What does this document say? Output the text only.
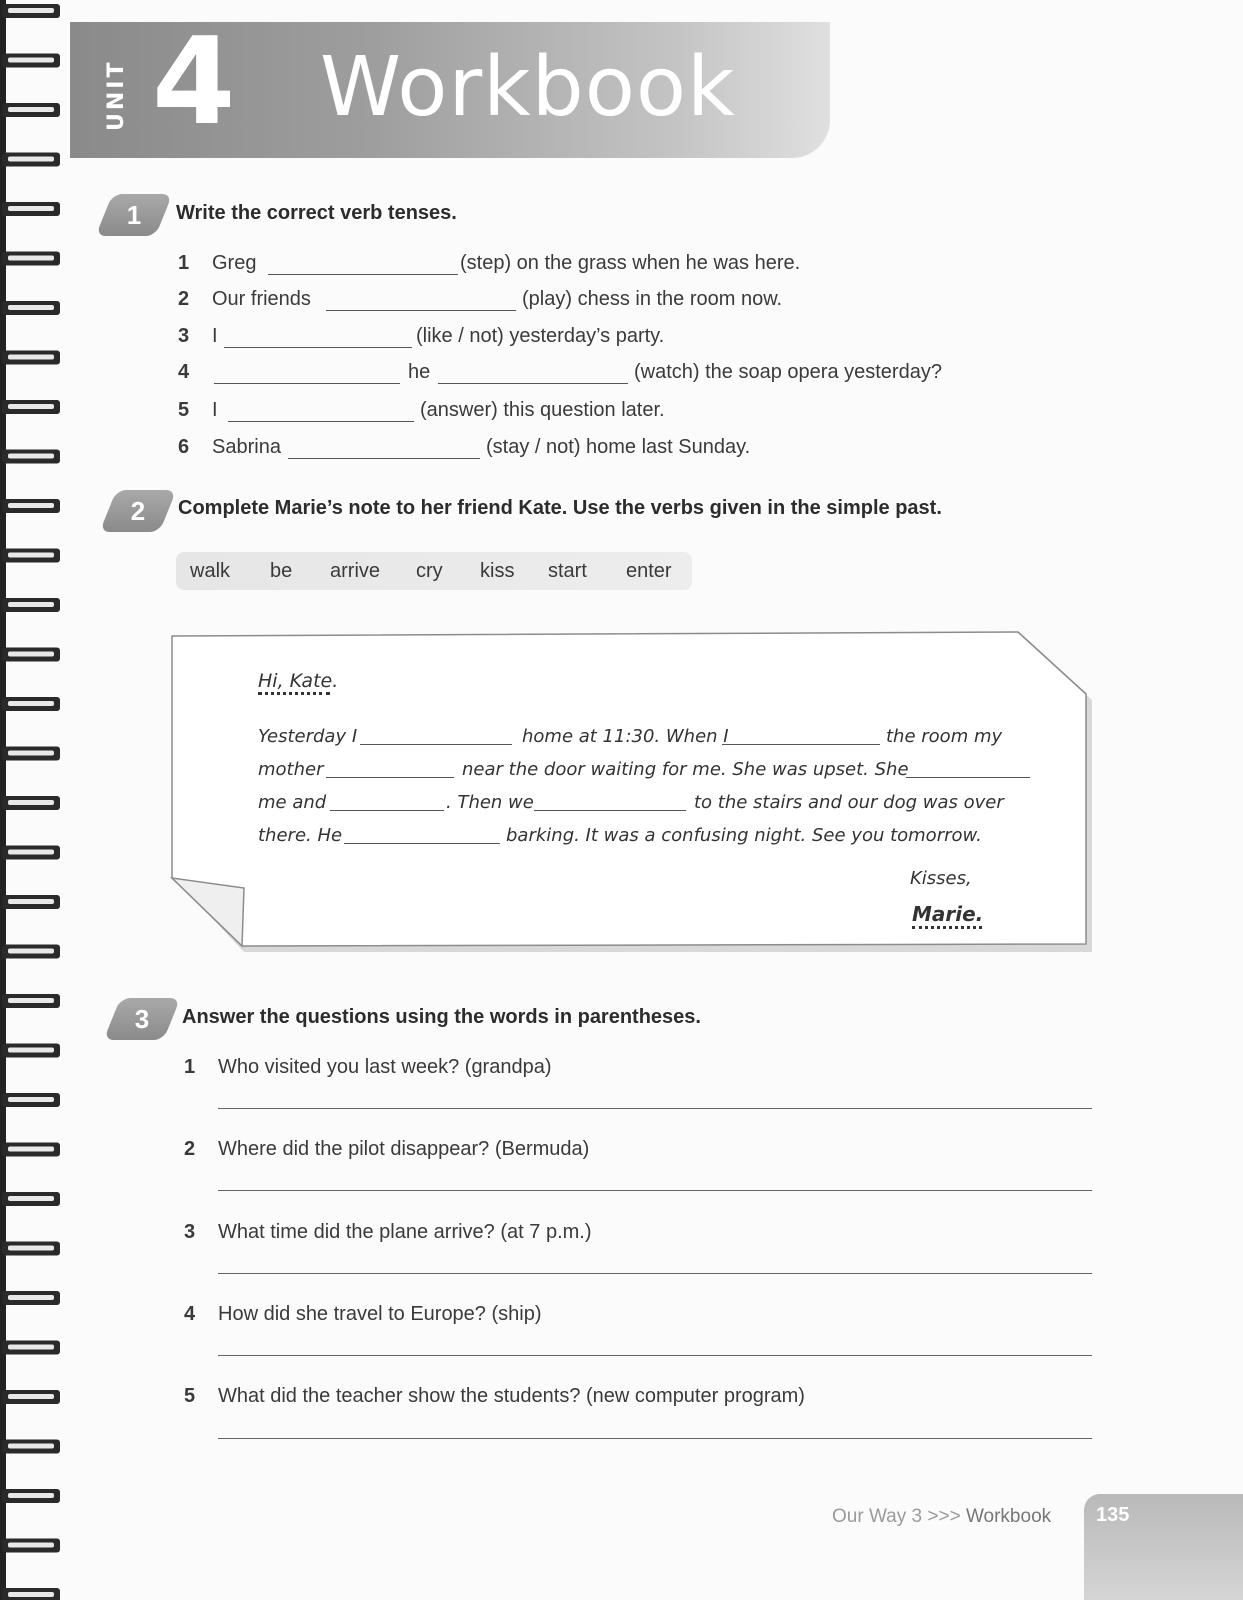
UNIT 4 Workbook
1	Write the correct verb tenses.
1 Greg	(step) on the grass when he was here.
2 Our friends	(play) chess in the room now.
3 I	(like / not) yesterday’s party.
4	he	(watch) the soap opera yesterday?
5 I	(answer) this question later.
6 Sabrina	(stay / not) home last Sunday.
2	Complete Marie’s note to her friend Kate. Use the verbs given in the simple past.
walk be arrive cry kiss start enter
Hi, Kate.
Yesterday I	home at 11:30. When I	the room my
mother	near the door waiting for me. She was upset. She
me and	. Then we	to the stairs and our dog was over
there. He	barking. It was a confusing night. See you tomorrow.
Kisses,
Marie.
3	Answer the questions using the words in parentheses.
1 Who visited you last week? (grandpa)
2 Where did the pilot disappear? (Bermuda)
3 What time did the plane arrive? (at 7 p.m.)
4 How did she travel to Europe? (ship)
5 What did the teacher show the students? (new computer program)
Our Way 3 >>> Workbook 135
